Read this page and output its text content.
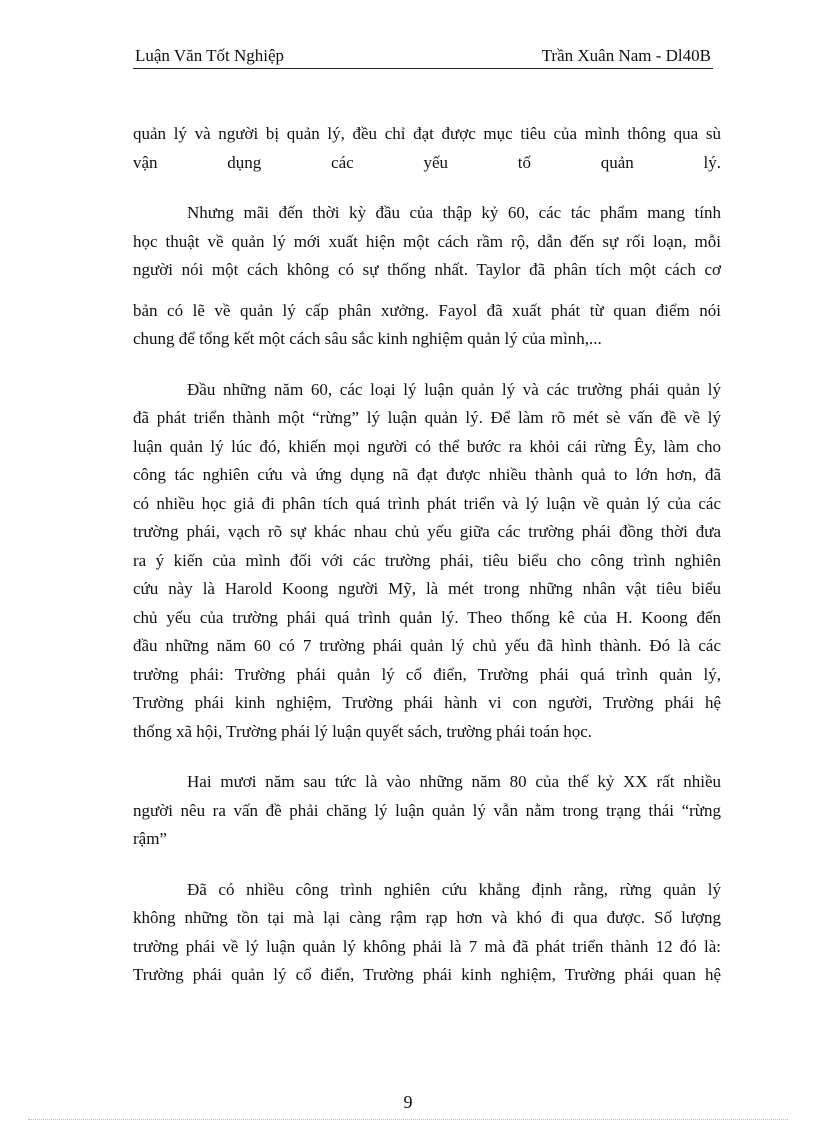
Luận Văn Tốt Nghiệp	Trần Xuân Nam - Dl40B

quản lý và người bị quản lý, đều chỉ đạt được mục tiêu của mình thông qua sù
vận dụng các yếu tố quản lý.

Nhưng mãi đến thời kỳ đầu của thập kỷ 60, các tác phẩm mang tính
học thuật về quản lý mới xuất hiện một cách rầm rộ, dẫn đến sự rối loạn, mỗi
người nói một cách không có sự thống nhất. Taylor đã phân tích một cách cơ
bản có lẽ về quản lý cấp phân xưởng. Fayol đã xuất phát từ quan điểm nói
chung để tổng kết một cách sâu sắc kinh nghiệm quản lý của mình,...

Đầu những năm 60, các loại lý luận quản lý và các trường phái quản lý
đã phát triển thành một “rừng” lý luận quản lý. Để làm rõ mét sè vấn đề về lý
luận quản lý lúc đó, khiến mọi người có thể bước ra khỏi cái rừng Êy, làm cho
công tác nghiên cứu và ứng dụng nã đạt được nhiều thành quả to lớn hơn, đã
có nhiều học giả đi phân tích quá trình phát triển và lý luận về quản lý của các
trường phái, vạch rõ sự khác nhau chủ yếu giữa các trường phái đồng thời đưa
ra ý kiến của mình đối với các trường phái, tiêu biểu cho công trình nghiên
cứu này là Harold Koong người Mỹ, là mét trong những nhân vật tiêu biểu
chủ yếu của trường phái quá trình quản lý. Theo thống kê của H. Koong đến
đầu những năm 60 có 7 trường phái quản lý chủ yếu đã hình thành. Đó là các
trường phái: Trường phái quản lý cổ điển, Trường phái quá trình quản lý,
Trường phái kinh nghiệm, Trường phái hành vi con người, Trường phái hệ
thống xã hội, Trường phái lý luận quyết sách, trường phái toán học.

Hai mươi năm sau tức là vào những năm 80 của thế kỷ XX rất nhiều
người nêu ra vấn đề phải chăng lý luận quản lý vẫn nằm trong trạng thái “rừng
rậm”

Đã có nhiều công trình nghiên cứu khẳng định rằng, rừng quản lý
không những tồn tại mà lại càng rậm rạp hơn và khó đi qua được. Số lượng
trường phái về lý luận quản lý không phải là 7 mà đã phát triển thành 12 đó là:
Trường phái quản lý cổ điển, Trường phái kinh nghiệm, Trường phái quan hệ

9
